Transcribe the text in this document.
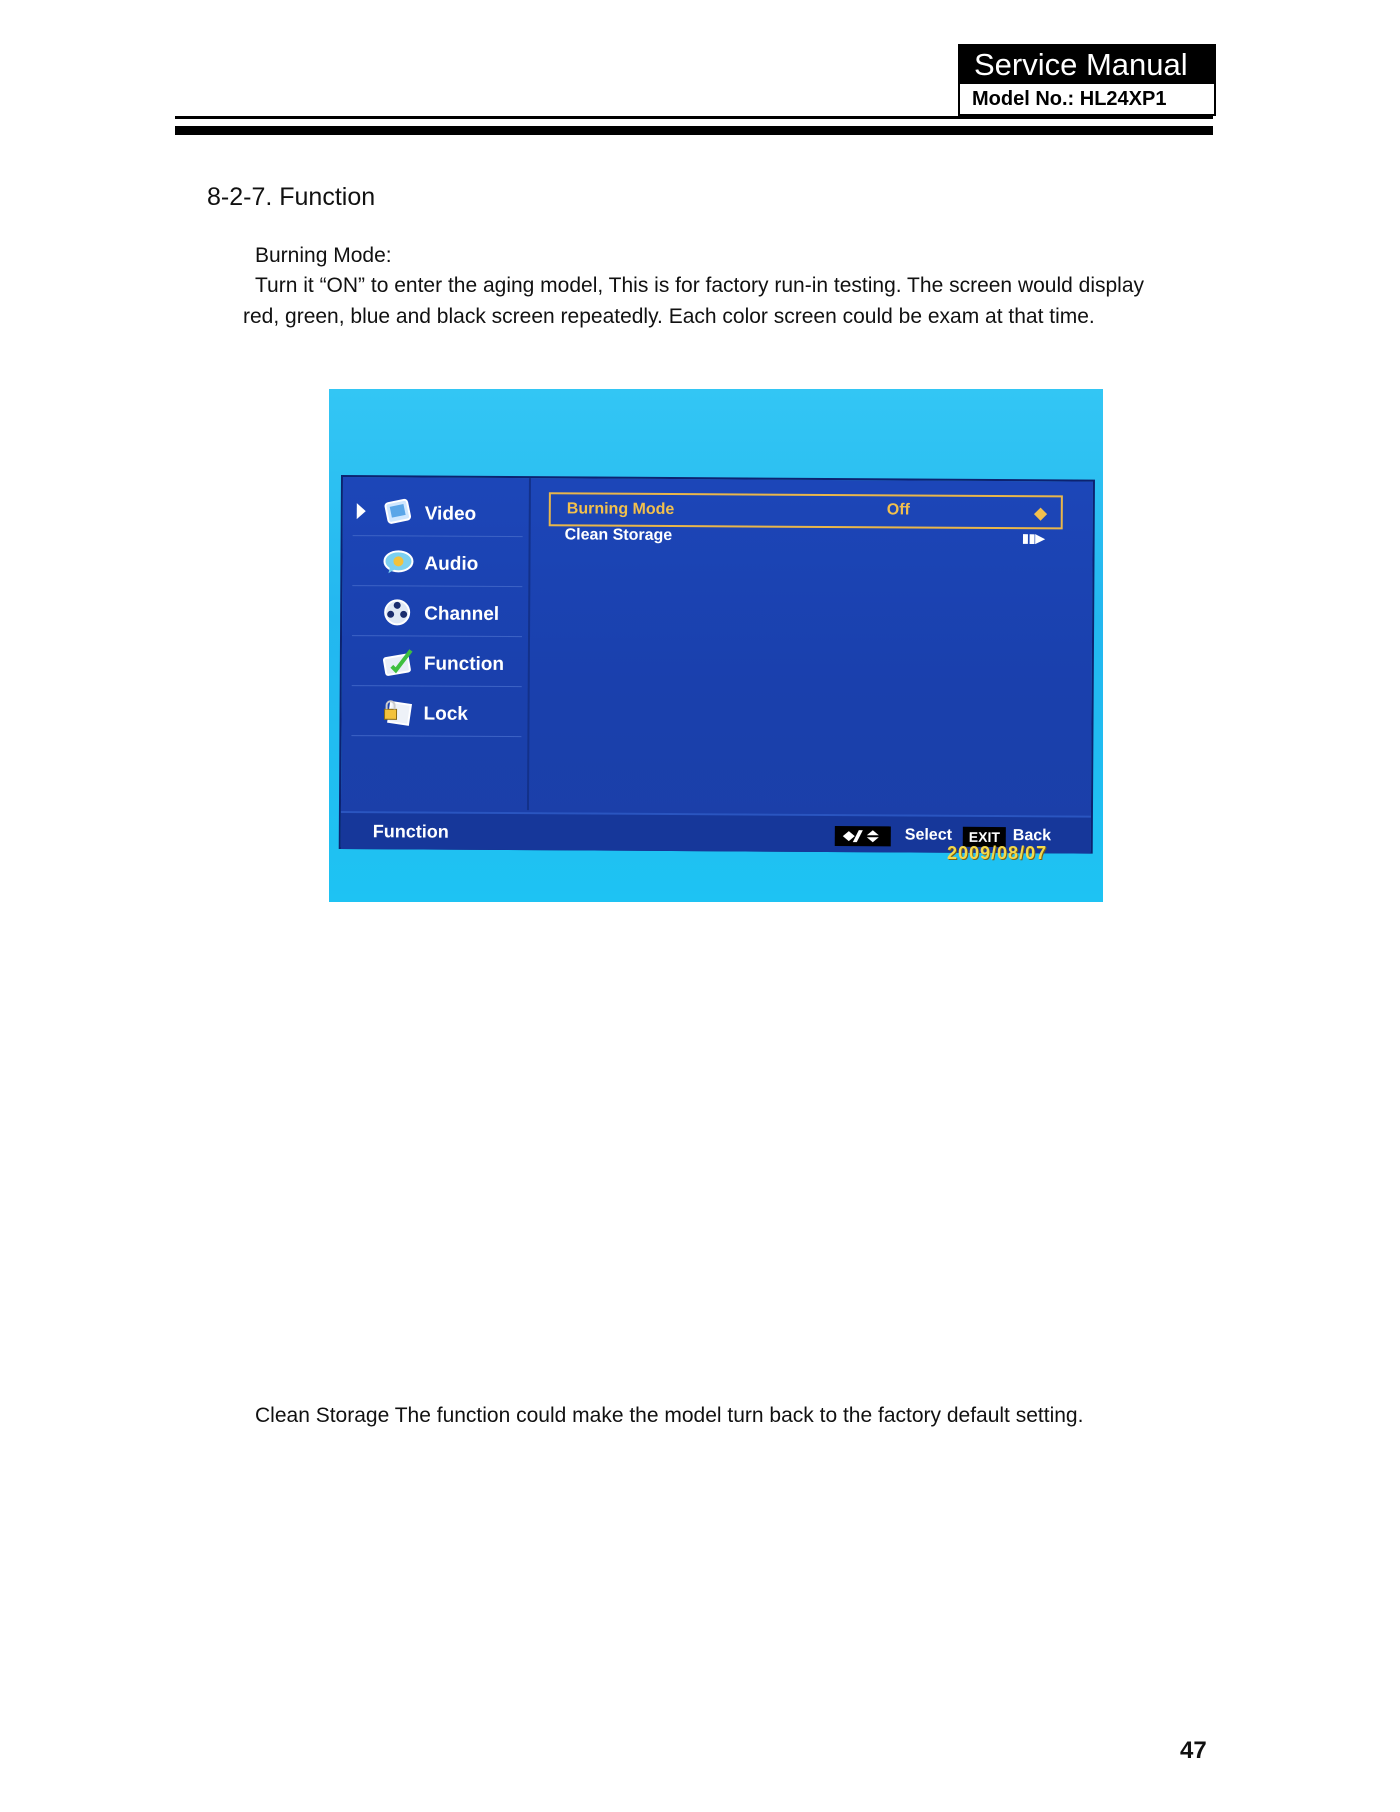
Service Manual
Model No.: HL24XP1
8-2-7. Function
Burning Mode:
Turn it “ON” to enter the aging model, This is for factory run-in testing. The screen would display
red, green, blue and black screen repeatedly. Each color screen could be exam at that time.
Video
Audio
Channel
Function
Lock
Burning Mode	Off	◆
Clean Storage	▮▮▶
Function	Select	EXIT Back
2009/08/07
Clean Storage The function could make the model turn back to the factory default setting.
47
